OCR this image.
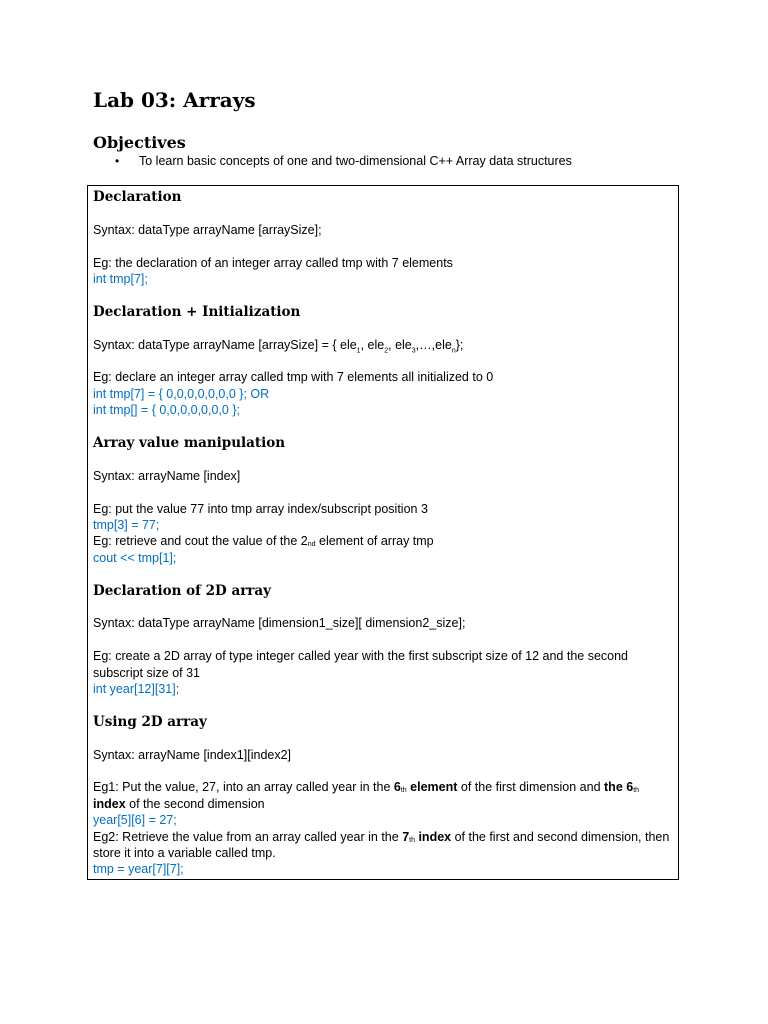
Lab 03: Arrays
Objectives
• To learn basic concepts of one and two-dimensional C++ Array data structures

Declaration

Syntax: dataType arrayName [arraySize];

Eg: the declaration of an integer array called tmp with 7 elements

int tmp[7];

Declaration + Initialization

Syntax: dataType arrayName [arraySize] = { ele$_1$, ele$_2$, ele$_3$,…,ele$_n$};

Eg: declare an integer array called tmp with 7 elements all initialized to 0

int tmp[7] = { 0,0,0,0,0,0,0 }; OR

int tmp[] = { 0,0,0,0,0,0,0 };

Array value manipulation

Syntax: arrayName [index]

Eg: put the value 77 into tmp array index/subscript position 3

tmp[3] = 77;

Eg: retrieve and cout the value of the 2nd element of array tmp

cout << tmp[1];

Declaration of 2D array

Syntax: dataType arrayName [dimension1_size][ dimension2_size];

Eg: create a 2D array of type integer called year with the first subscript size of 12 and the second subscript size of 31

int year[12][31];

Using 2D array

Syntax: arrayName [index1][index2]

Eg1: Put the value, 27, into an array called year in the 6th element of the first dimension and the 6th
index of the second dimension

year[5][6] = 27;

Eg2: Retrieve the value from an array called year in the 7th index of the first and second dimension, then store it into a variable called tmp.

tmp = year[7][7];
